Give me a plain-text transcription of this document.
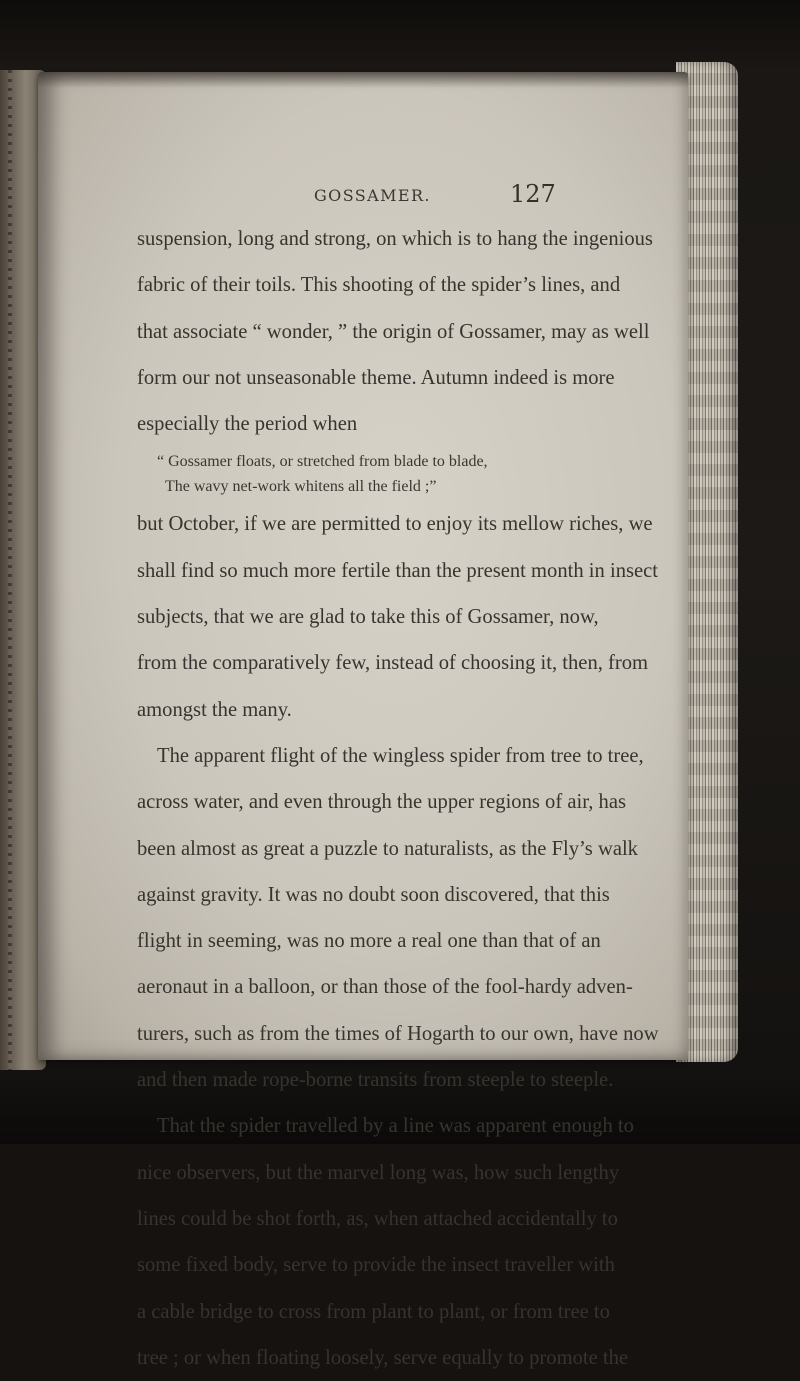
GOSSAMER.	127
suspension, long and strong, on which is to hang the ingenious
fabric of their toils. This shooting of the spider’s lines, and
that associate “ wonder, ” the origin of Gossamer, may as well
form our not unseasonable theme. Autumn indeed is more
especially the period when
“ Gossamer floats, or stretched from blade to blade,
The wavy net-work whitens all the field ;”
but October, if we are permitted to enjoy its mellow riches, we
shall find so much more fertile than the present month in insect
subjects, that we are glad to take this of Gossamer, now,
from the comparatively few, instead of choosing it, then, from
amongst the many.
The apparent flight of the wingless spider from tree to tree,
across water, and even through the upper regions of air, has
been almost as great a puzzle to naturalists, as the Fly’s walk
against gravity. It was no doubt soon discovered, that this
flight in seeming, was no more a real one than that of an
aeronaut in a balloon, or than those of the fool-hardy adven-
turers, such as from the times of Hogarth to our own, have now
and then made rope-borne transits from steeple to steeple.
That the spider travelled by a line was apparent enough to
nice observers, but the marvel long was, how such lengthy
lines could be shot forth, as, when attached accidentally to
some fixed body, serve to provide the insect traveller with
a cable bridge to cross from plant to plant, or from tree to
tree ; or when floating loosely, serve equally to promote the
